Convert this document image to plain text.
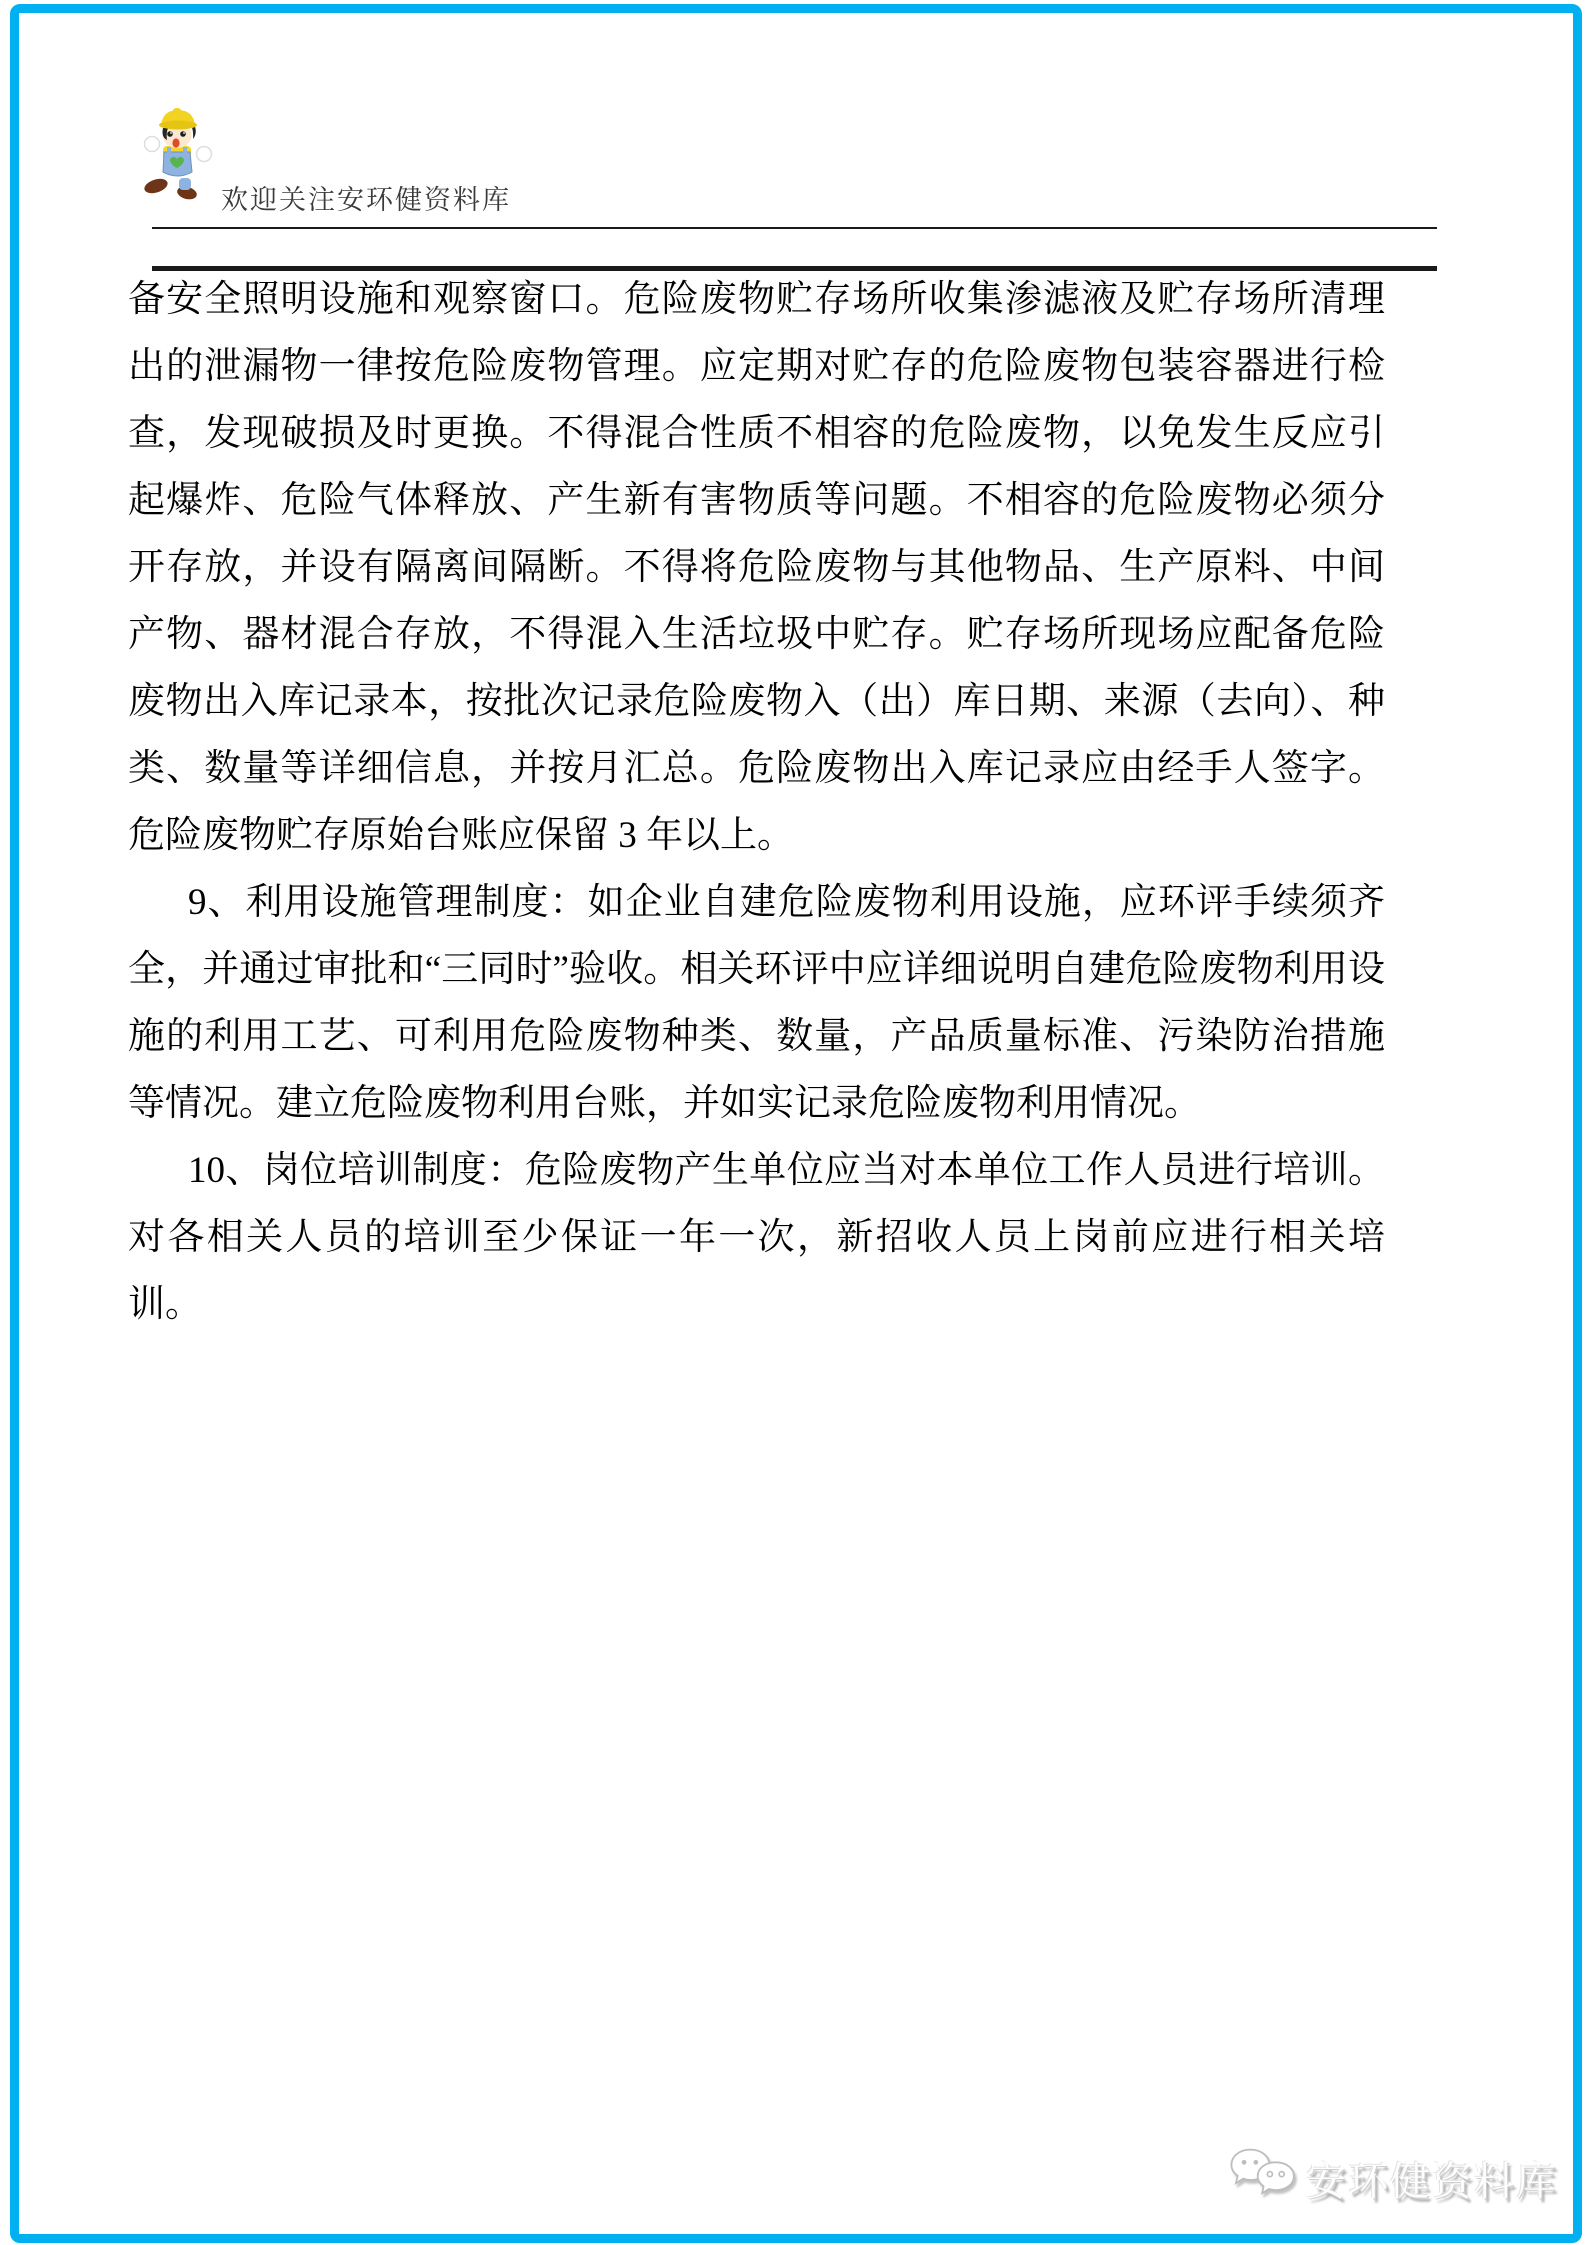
欢迎关注安环健资料库

备安全照明设施和观察窗口。危险废物贮存场所收集渗滤液及贮存场所清理出的泄漏物一律按危险废物管理。应定期对贮存的危险废物包装容器进行检查，发现破损及时更换。不得混合性质不相容的危险废物，以免发生反应引起爆炸、危险气体释放、产生新有害物质等问题。不相容的危险废物必须分开存放，并设有隔离间隔断。不得将危险废物与其他物品、生产原料、中间产物、器材混合存放，不得混入生活垃圾中贮存。贮存场所现场应配备危险废物出入库记录本，按批次记录危险废物入（出）库日期、来源（去向）、种类、数量等详细信息，并按月汇总。危险废物出入库记录应由经手人签字。危险废物贮存原始台账应保留 3 年以上。

9、利用设施管理制度：如企业自建危险废物利用设施，应环评手续须齐全，并通过审批和“三同时”验收。相关环评中应详细说明自建危险废物利用设施的利用工艺、可利用危险废物种类、数量，产品质量标准、污染防治措施等情况。建立危险废物利用台账，并如实记录危险废物利用情况。

10、岗位培训制度：危险废物产生单位应当对本单位工作人员进行培训。对各相关人员的培训至少保证一年一次，新招收人员上岗前应进行相关培训。

安环健资料库
